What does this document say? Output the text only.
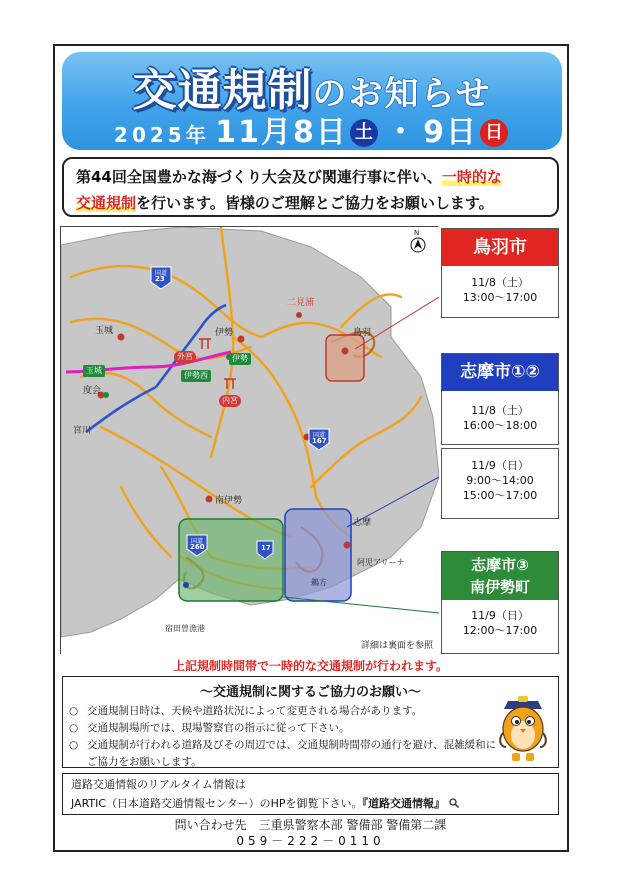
交通規制のお知らせ
2025年 11月8日 土 ・ 9日 日
第44回全国豊かな海づくり大会及び関連行事に伴い、一時的な
交通規制を行います。皆様のご理解とご協力をお願いします。
N
国道
23
国道
167
国道
260	17
二見浦
鳥羽
伊勢
玉城
度会
宮川
南伊勢
志摩
阿児アリーナ
鵜方
宿田曽漁港
外宮
内宮
玉城
伊勢西
伊勢
詳細は裏面を参照
鳥羽市
11/8（土）
13:00～17:00
志摩市①②
11/8（土）
16:00～18:00
11/9（日）
9:00～14:00
15:00～17:00
志摩市③
南伊勢町
11/9（日）
12:00～17:00
上記規制時間帯で一時的な交通規制が行われます。
～交通規制に関するご協力のお願い～
○ 交通規制日時は、天候や道路状況によって変更される場合があります。
○ 交通規制場所では、現場警察官の指示に従って下さい。
○ 交通規制が行われる道路及びその周辺では、交通規制時間帯の通行を避け、混雑緩和にご協力をお願いします。
道路交通情報のリアルタイム情報は
JARTIC（日本道路交通情報センター）のHPを御覧下さい。『道路交通情報』
問い合わせ先　三重県警察本部 警備部 警備第二課
059－222－0110
